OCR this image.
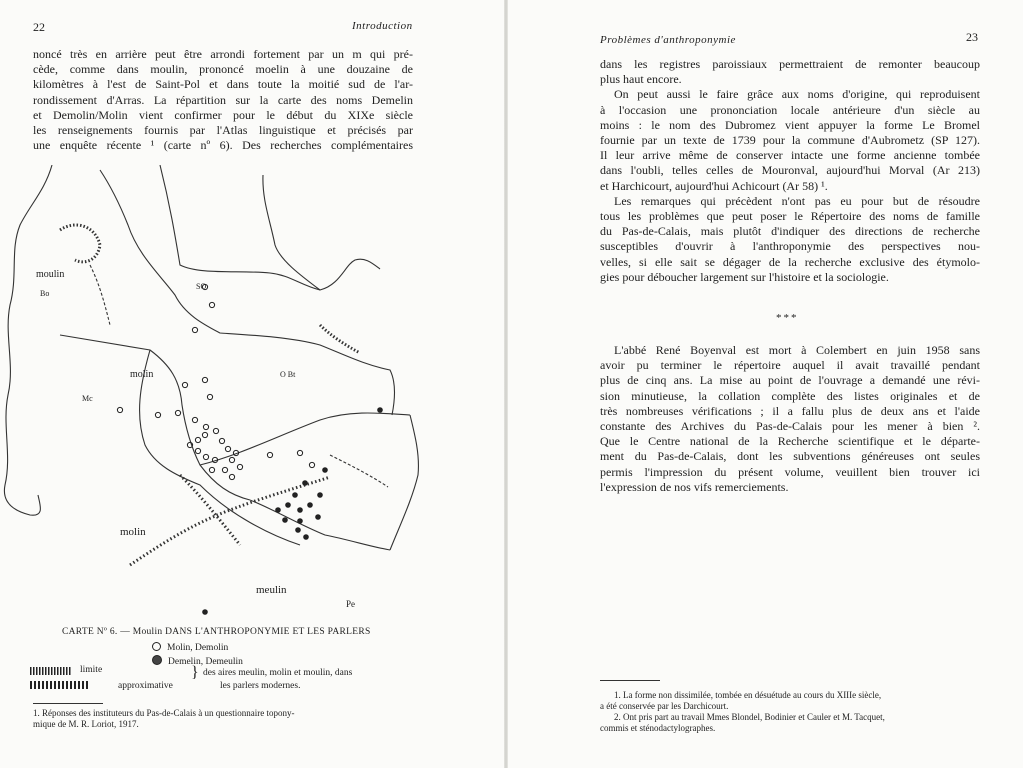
22	Introduction
noncé très en arrière peut être arrondi fortement par un m qui pré-
cède, comme dans moulin, prononcé moelin à une douzaine de
kilomètres à l'est de Saint-Pol et dans toute la moitié sud de l'ar-
rondissement d'Arras. La répartition sur la carte des noms Demelin
et Demolin/Molin vient confirmer pour le début du XIXe siècle
les renseignements fournis par l'Atlas linguistique et précisés par
une enquête récente ¹ (carte nº 6). Des recherches complémentaires
moulin
Bo
SO
molin	O Bt
Mc
molin
meulin
Pe
CARTE Nº 6. — Moulin DANS L'ANTHROPONYMIE ET LES PARLERS
Molin, Demolin
Demelin, Demeulin
limite
approximative
} des aires meulin, molin et moulin, dans
les parlers modernes.
1. Réponses des instituteurs du Pas-de-Calais à un questionnaire topony-
mique de M. R. Loriot, 1917.
Problèmes d'anthroponymie	23
dans les registres paroissiaux permettraient de remonter beaucoup
plus haut encore.
On peut aussi le faire grâce aux noms d'origine, qui reproduisent
à l'occasion une prononciation locale antérieure d'un siècle au
moins : le nom des Dubromez vient appuyer la forme Le Bromel
fournie par un texte de 1739 pour la commune d'Aubrometz (SP 127).
Il leur arrive même de conserver intacte une forme ancienne tombée
dans l'oubli, telles celles de Mouronval, aujourd'hui Morval (Ar 213)
et Harchicourt, aujourd'hui Achicourt (Ar 58) ¹.
Les remarques qui précèdent n'ont pas eu pour but de résoudre
tous les problèmes que peut poser le Répertoire des noms de famille
du Pas-de-Calais, mais plutôt d'indiquer des directions de recherche
susceptibles d'ouvrir à l'anthroponymie des perspectives nou-
velles, si elle sait se dégager de la recherche exclusive des étymolo-
gies pour déboucher largement sur l'histoire et la sociologie.
***
L'abbé René Boyenval est mort à Colembert en juin 1958 sans
avoir pu terminer le répertoire auquel il avait travaillé pendant
plus de cinq ans. La mise au point de l'ouvrage a demandé une révi-
sion minutieuse, la collation complète des listes originales et de
très nombreuses vérifications ; il a fallu plus de deux ans et l'aide
constante des Archives du Pas-de-Calais pour les mener à bien ².
Que le Centre national de la Recherche scientifique et le départe-
ment du Pas-de-Calais, dont les subventions généreuses ont seules
permis l'impression du présent volume, veuillent bien trouver ici
l'expression de nos vifs remerciements.
1. La forme non dissimilée, tombée en désuétude au cours du XIIIe siècle,
a été conservée par les Darchicourt.
2. Ont pris part au travail Mmes Blondel, Bodinier et Cauler et M. Tacquet,
commis et sténodactylographes.
